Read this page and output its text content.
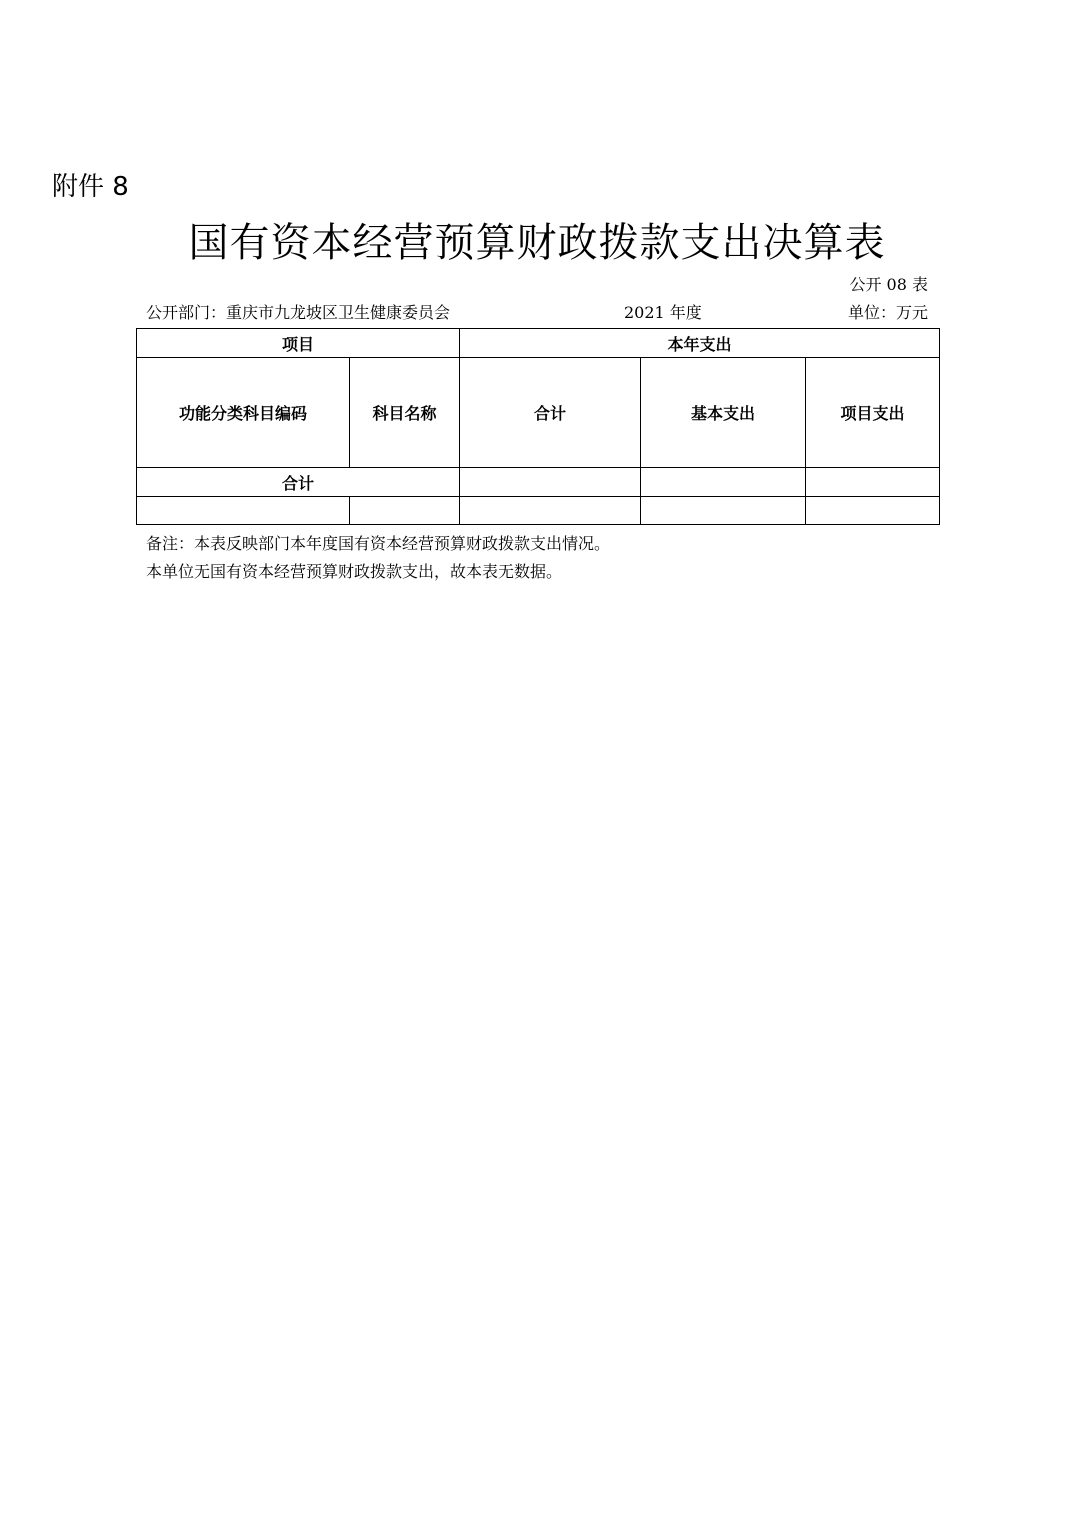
附件 8
国有资本经营预算财政拨款支出决算表
公开 08 表
公开部门：重庆市九龙坡区卫生健康委员会	2021 年度	单位：万元
项目		本年支出		
功能分类科目编码	科目名称	合计	基本支出	项目支出
合计				

备注：本表反映部门本年度国有资本经营预算财政拨款支出情况。
本单位无国有资本经营预算财政拨款支出，故本表无数据。
